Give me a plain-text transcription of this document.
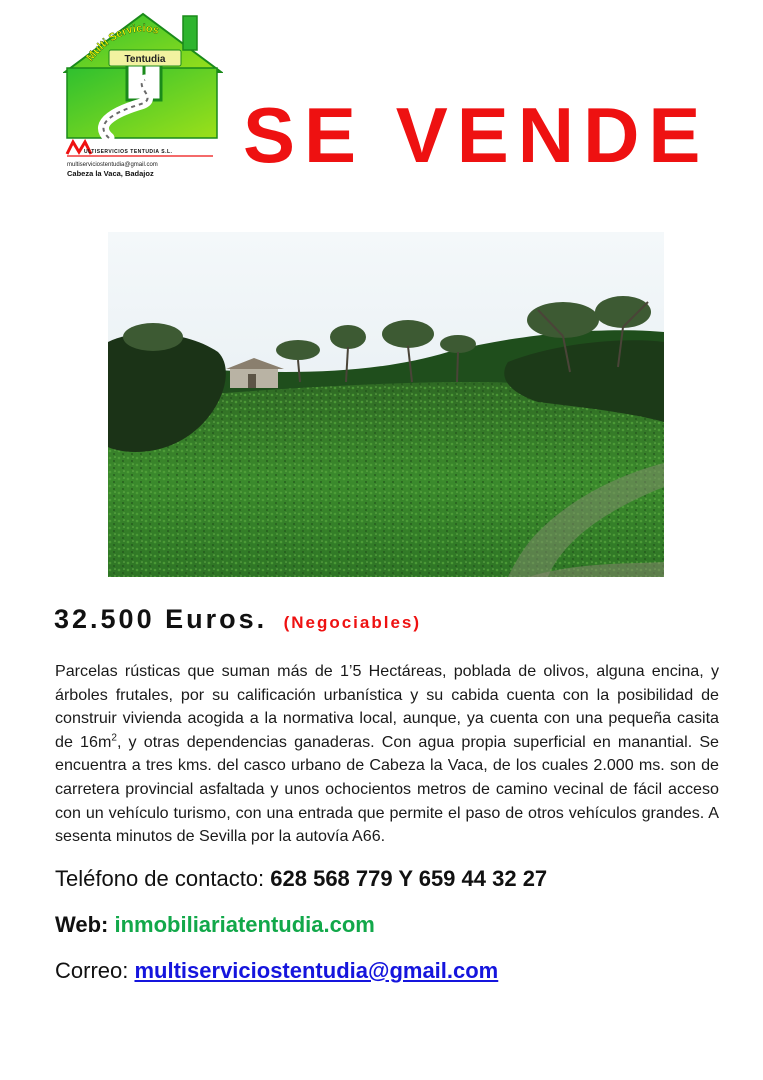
Tentudia
Multi Servicios
ULTISERVICIOS TENTUDIA S.L.
multiserviciostentudia@gmail.com
Cabeza la Vaca, Badajoz SE VENDE
32.500 Euros. (Negociables)
Parcelas rústicas que suman más de 1’5 Hectáreas, poblada de olivos, alguna encina, y árboles frutales, por su calificación urbanística y su cabida cuenta con la posibilidad de construir vivienda acogida a la normativa local, aunque, ya cuenta con una pequeña casita de $16m^2$, y otras dependencias ganaderas. Con agua propia superficial en manantial. Se encuentra a tres kms. del casco urbano de Cabeza la Vaca, de los cuales 2.000 ms. son de carretera provincial asfaltada y unos ochocientos metros de camino vecinal de fácil acceso con un vehículo turismo, con una entrada que permite el paso de otros vehículos grandes. A sesenta minutos de Sevilla por la autovía A66.
Teléfono de contacto: 628 568 779 Y 659 44 32 27
Web: inmobiliariatentudia.com
Correo: multiserviciostentudia@gmail.com
